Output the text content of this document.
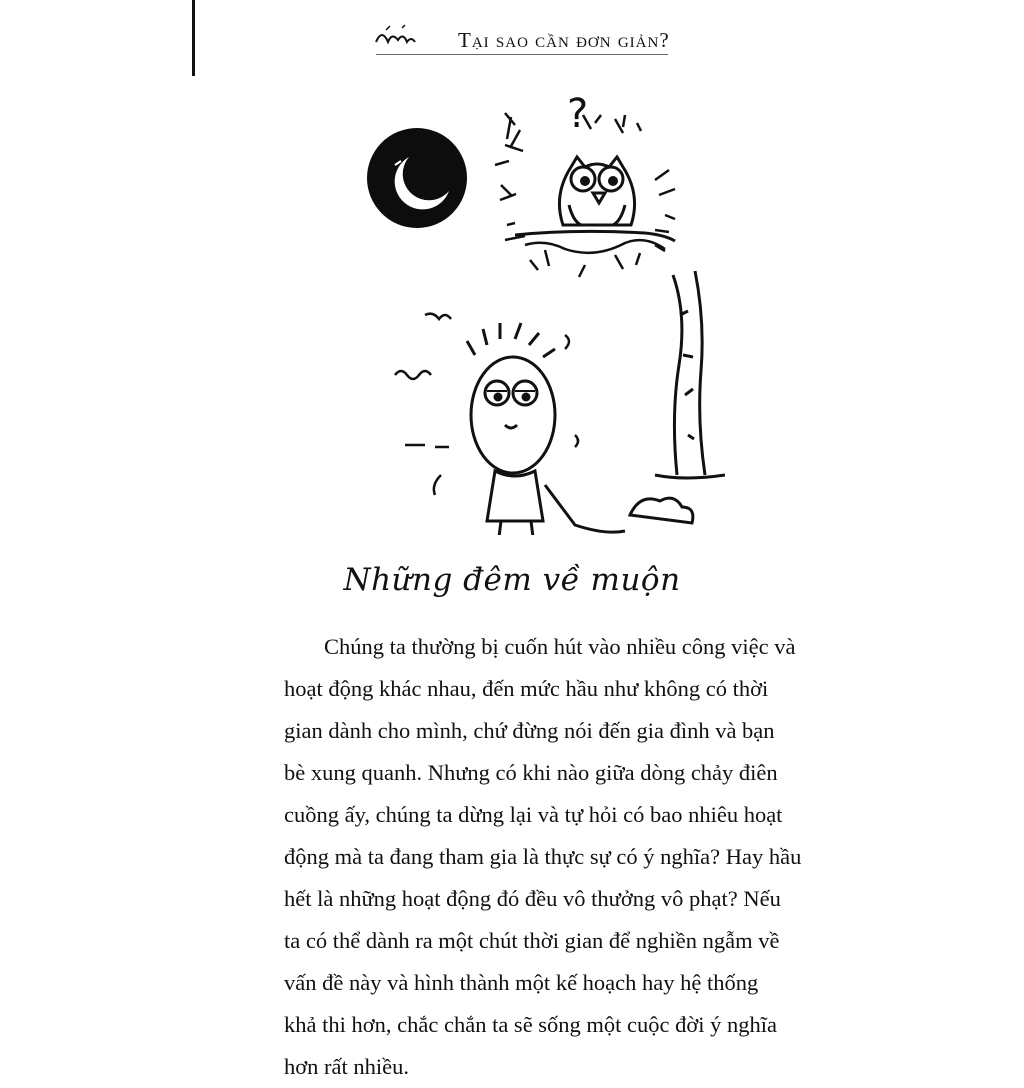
Tại sao cần đơn giản?
?
Những đêm về muộn
Chúng ta thường bị cuốn hút vào nhiều công việc và
hoạt động khác nhau, đến mức hầu như không có thời
gian dành cho mình, chứ đừng nói đến gia đình và bạn
bè xung quanh. Nhưng có khi nào giữa dòng chảy điên
cuồng ấy, chúng ta dừng lại và tự hỏi có bao nhiêu hoạt
động mà ta đang tham gia là thực sự có ý nghĩa? Hay hầu
hết là những hoạt động đó đều vô thưởng vô phạt? Nếu
ta có thể dành ra một chút thời gian để nghiền ngẫm về
vấn đề này và hình thành một kế hoạch hay hệ thống
khả thi hơn, chắc chắn ta sẽ sống một cuộc đời ý nghĩa
hơn rất nhiều.
